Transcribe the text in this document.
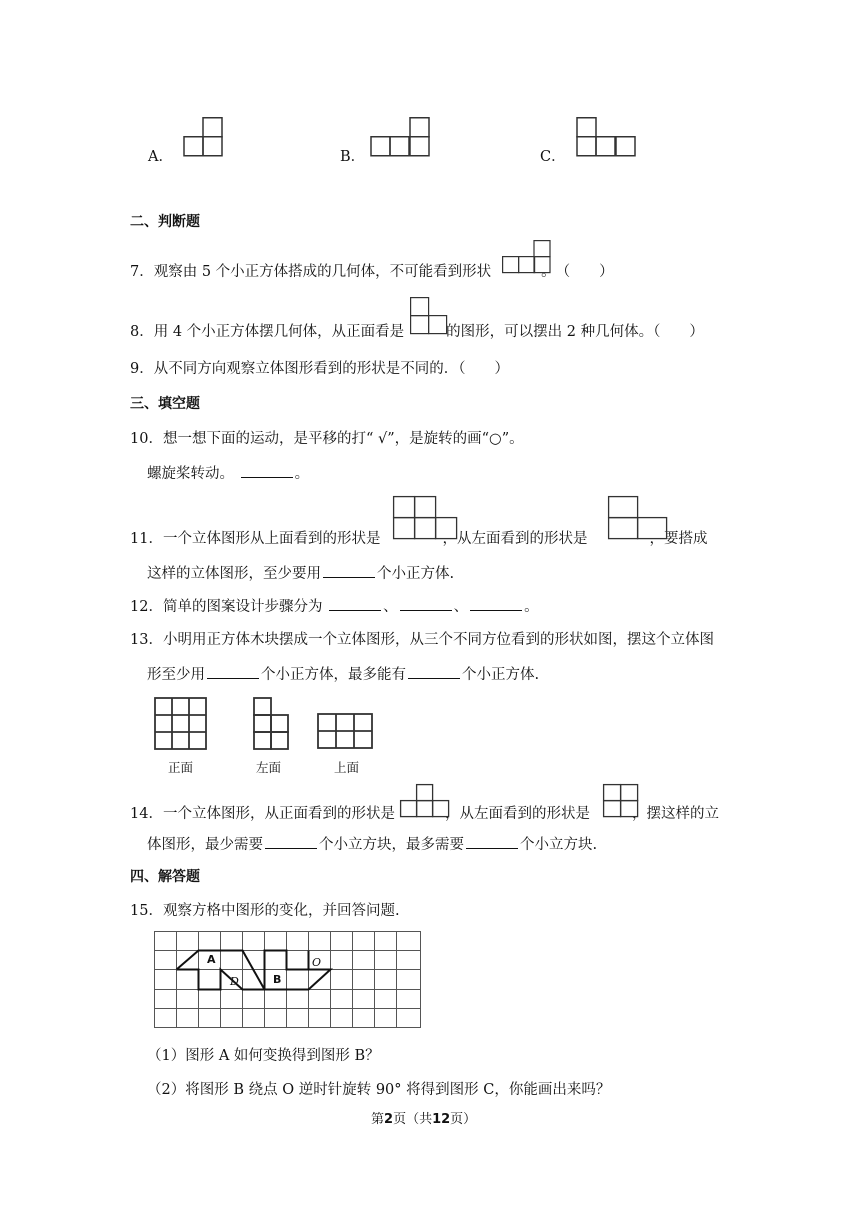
A．	B．	C．
二、判断题
7．观察由 5 个小正方体搭成的几何体，不可能看到形状	。　（　　）
8．用 4 个小正方体摆几何体，从正面看是	的图形，可以摆出 2 种几何体。（　　）
9．从不同方向观察立体图形看到的形状是不同的．（　　）
三、填空题
10．想一想下面的运动，是平移的打“ √”，是旋转的画“○”。
螺旋桨转动。	。
11．一个立体图形从上面看到的形状是	，从左面看到的形状是	，要搭成
这样的立体图形，至少要用	个小正方体.
12．简单的图案设计步骤分为	、	、	。
13．小明用正方体木块摆成一个立体图形，从三个不同方位看到的形状如图，摆这个立体图
形至少用	个小正方体，最多能有	个小正方体.
正面	左面	上面
14．一个立体图形，从正面看到的形状是	，从左面看到的形状是	，摆这样的立
体图形，最少需要	个小立方块，最多需要	个小立方块.
四、解答题
15．观察方格中图形的变化，并回答问题.
A
D	B
O
（1）图形 A 如何变换得到图形 B？
（2）将图形 B 绕点 O 逆时针旋转 90° 将得到图形 C，你能画出来吗？
第2页（共12页）
